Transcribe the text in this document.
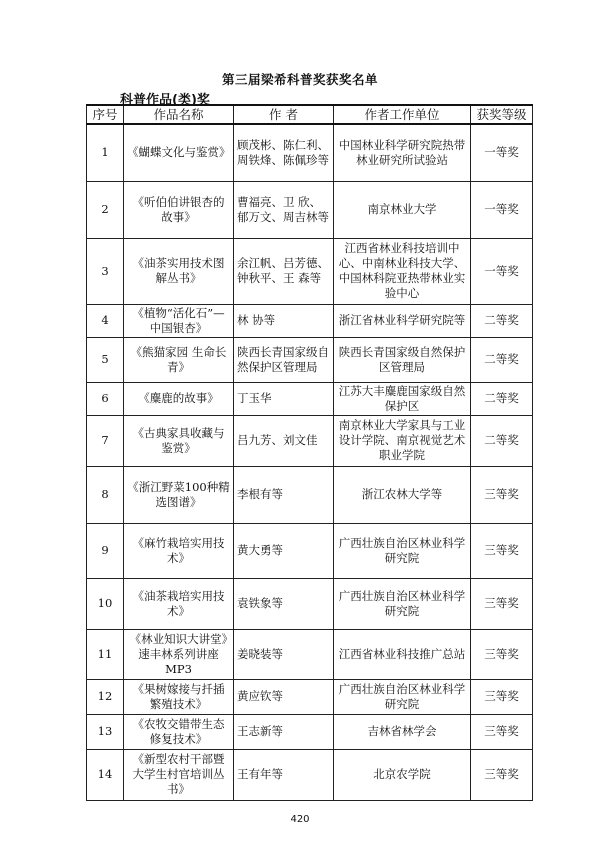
第三届梁希科普奖获奖名单
科普作品(类)奖
序号	作品名称	作 者	作者工作单位	获奖等级
1	《蝴蝶文化与鉴赏》	顾茂彬、陈仁利、周铁烽、陈佩珍等	中国林业科学研究院热带林业研究所试验站	一等奖
2	《听伯伯讲银杏的故事》	曹福亮、卫 欣、郁万文、周吉林等	南京林业大学	一等奖
3	《油茶实用技术图解丛书》	余江帆、吕芳德、钟秋平、王 森等	江西省林业科技培训中心、中南林业科技大学、中国林科院亚热带林业实验中心	一等奖
4	《植物“活化石”—中国银杏》	林 协等	浙江省林业科学研究院等	二等奖
5	《熊猫家园 生命长青》	陕西长青国家级自然保护区管理局	陕西长青国家级自然保护区管理局	二等奖
6	《麋鹿的故事》	丁玉华	江苏大丰麋鹿国家级自然保护区	二等奖
7	《古典家具收藏与鉴赏》	吕九芳、刘文佳	南京林业大学家具与工业设计学院、南京视觉艺术职业学院	二等奖
8	《浙江野菜100种精选图谱》	李根有等	浙江农林大学等	三等奖
9	《麻竹栽培实用技术》	黄大勇等	广西壮族自治区林业科学研究院	三等奖
10	《油茶栽培实用技术》	袁铁象等	广西壮族自治区林业科学研究院	三等奖
11	《林业知识大讲堂》速丰林系列讲座MP3	姜晓装等	江西省林业科技推广总站	三等奖
12	《果树嫁接与扦插繁殖技术》	黄应钦等	广西壮族自治区林业科学研究院	三等奖
13	《农牧交错带生态修复技术》	王志新等	吉林省林学会	三等奖
14	《新型农村干部暨大学生村官培训丛书》	王有年等	北京农学院	三等奖
420
